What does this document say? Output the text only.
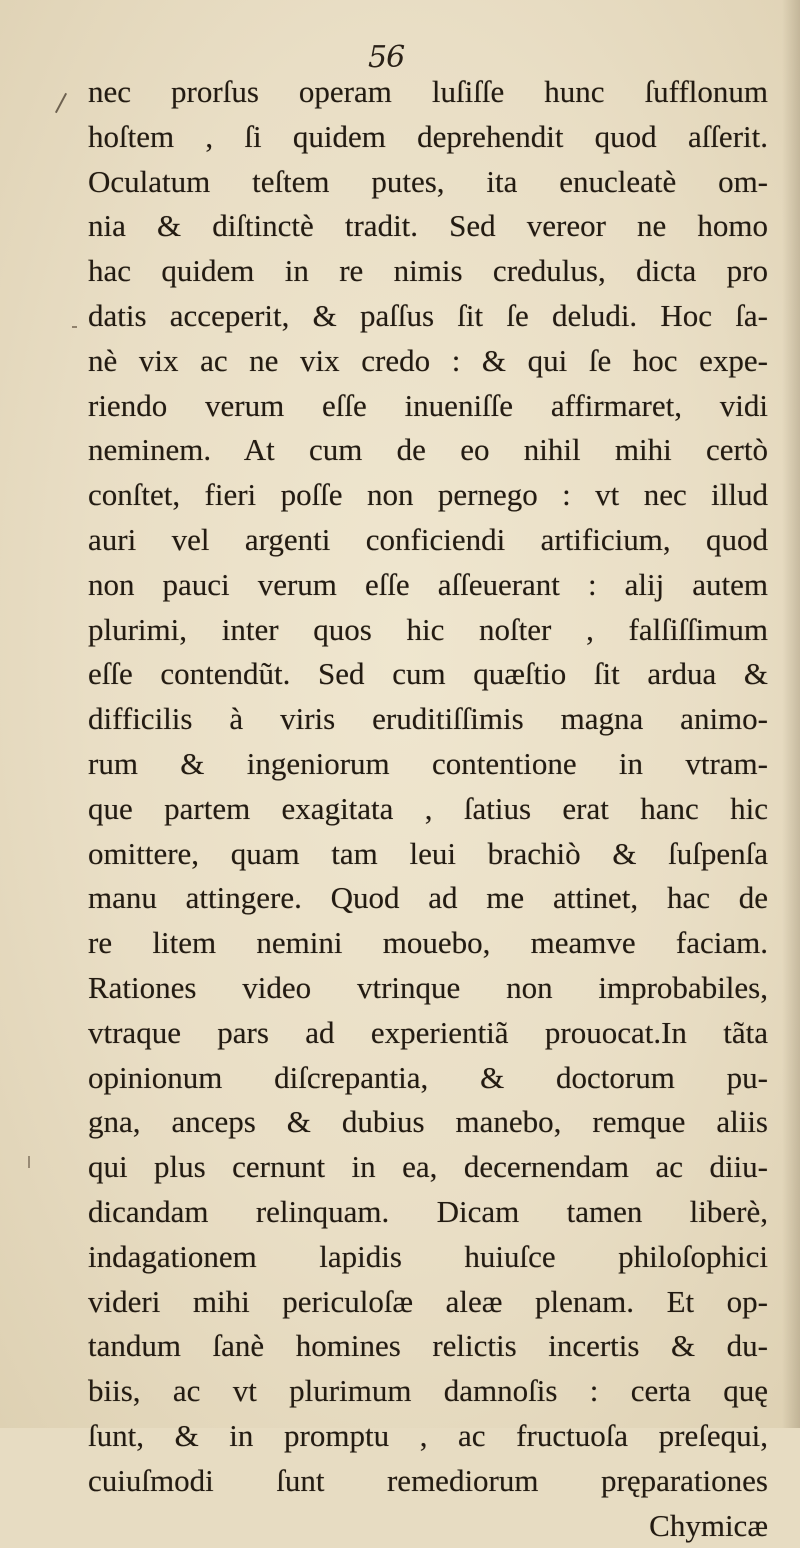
56

nec prorſus operam luſiſſe hunc ſufflonum
hoſtem , ſi quidem deprehendit quod aſſerit.
Oculatum teſtem putes, ita enucleatè om-
nia & diſtinctè tradit. Sed vereor ne homo
hac quidem in re nimis credulus, dicta pro
datis acceperit, & paſſus ſit ſe deludi. Hoc ſa-
nè vix ac ne vix credo : & qui ſe hoc expe-
riendo verum eſſe inueniſſe affirmaret, vidi
neminem. At cum de eo nihil mihi certò
conſtet, fieri poſſe non pernego : vt nec illud
auri vel argenti conficiendi artificium, quod
non pauci verum eſſe aſſeuerant : alij autem
plurimi, inter quos hic noſter , falſiſſimum
eſſe contendũt. Sed cum quæſtio ſit ardua &
difficilis à viris eruditiſſimis magna animo-
rum & ingeniorum contentione in vtram-
que partem exagitata , ſatius erat hanc hic
omittere, quam tam leui brachiò & ſuſpenſa
manu attingere. Quod ad me attinet, hac de
re litem nemini mouebo, meamve faciam.
Rationes video vtrinque non improbabiles,
vtraque pars ad experientiã prouocat.In tãta
opinionum diſcrepantia, & doctorum pu-
gna, anceps & dubius manebo, remque aliis
qui plus cernunt in ea, decernendam ac diiu-
dicandam relinquam. Dicam tamen liberè,
indagationem lapidis huiuſce philoſophici
videri mihi periculoſæ aleæ plenam. Et op-
tandum ſanè homines relictis incertis & du-
biis, ac vt plurimum damnoſis : certa quę
ſunt, & in promptu , ac fructuoſa preſequi,
cuiuſmodi ſunt remediorum pręparationes
Chymicæ
